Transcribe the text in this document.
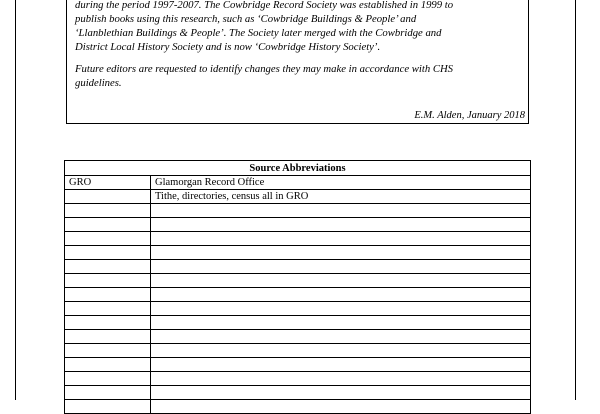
during the period 1997-2007. The Cowbridge Record Society was established in 1999 to
publish books using this research, such as ‘Cowbridge Buildings & People’ and
‘Llanblethian Buildings & People’. The Society later merged with the Cowbridge and
District Local History Society and is now ‘Cowbridge History Society’.

Future editors are requested to identify changes they may make in accordance with CHS
guidelines.

E.M. Alden, January 2018
Source Abbreviations	
GRO	Glamorgan Record Office
	Tithe, directories, census all in GRO
